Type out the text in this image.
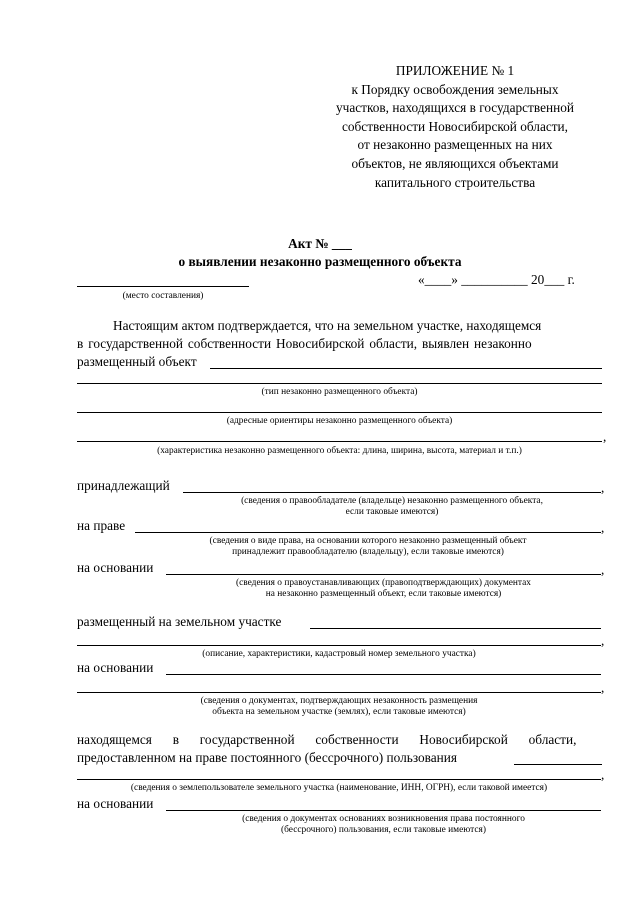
ПРИЛОЖЕНИЕ № 1
к Порядку освобождения земельных
участков, находящихся в государственной
собственности Новосибирской области,
от незаконно размещенных на них
объектов, не являющихся объектами
капитального строительства
Акт № ___
о выявлении незаконно размещенного объекта
(место составления)
«____» __________ 20___ г.
Настоящим актом подтверждается, что на земельном участке, находящемся
в государственной собственности Новосибирской области, выявлен незаконно
размещенный объект
(тип незаконно размещенного объекта)
(адресные ориентиры незаконно размещенного объекта)
,
(характеристика незаконно размещенного объекта: длина, ширина, высота, материал и т.п.)
принадлежащий	,
(сведения о правообладателе (владельце) незаконно размещенного объекта,
если таковые имеются)
на праве	,
(сведения о виде права, на основании которого незаконно размещенный объект
принадлежит правообладателю (владельцу), если таковые имеются)
на основании	,
(сведения о правоустанавливающих (правоподтверждающих) документах
на незаконно размещенный объект, если таковые имеются)
размещенный на земельном участке
,
(описание, характеристики, кадастровый номер земельного участка)
на основании
,
(сведения о документах, подтверждающих незаконность размещения
объекта на земельном участке (землях), если таковые имеются)
находящемся в государственной собственности Новосибирской области,
предоставленном на праве постоянного (бессрочного) пользования
,
(сведения о землепользователе земельного участка (наименование, ИНН, ОГРН), если таковой имеется)
на основании
(сведения о документах основаниях возникновения права постоянного
(бессрочного) пользования, если таковые имеются)
